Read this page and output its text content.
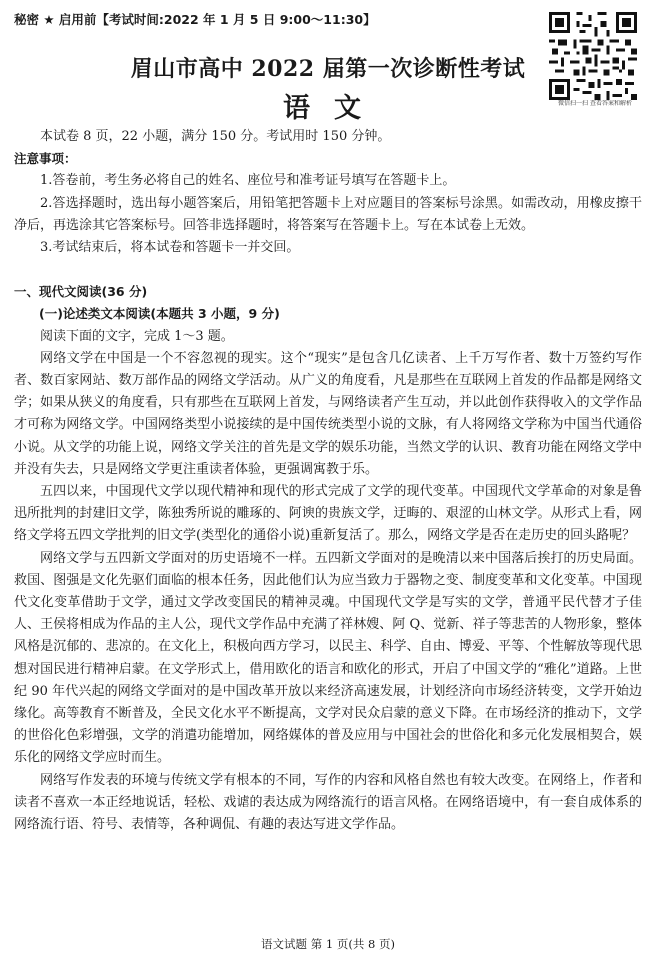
秘密 ★ 启用前【考试时间:2022 年 1 月 5 日 9:00～11:30】
微信扫一扫 查看答案和解析
眉山市高中 2022 届第一次诊断性考试
语文

本试卷 8 页，22 小题，满分 150 分。考试用时 150 分钟。

注意事项：

1.答卷前，考生务必将自己的姓名、座位号和准考证号填写在答题卡上。

2.答选择题时，选出每小题答案后，用铅笔把答题卡上对应题目的答案标号涂黑。如需改动，用橡皮擦干净后，再选涂其它答案标号。回答非选择题时，将答案写在答题卡上。写在本试卷上无效。

3.考试结束后，将本试卷和答题卡一并交回。

一、现代文阅读(36 分)

(一)论述类文本阅读(本题共 3 小题，9 分)

阅读下面的文字，完成 1～3 题。

网络文学在中国是一个不容忽视的现实。这个“现实”是包含几亿读者、上千万写作者、数十万签约写作者、数百家网站、数万部作品的网络文学活动。从广义的角度看，凡是那些在互联网上首发的作品都是网络文学；如果从狭义的角度看，只有那些在互联网上首发，与网络读者产生互动，并以此创作获得收入的文学作品才可称为网络文学。中国网络类型小说接续的是中国传统类型小说的文脉，有人将网络文学称为中国当代通俗小说。从文学的功能上说，网络文学关注的首先是文学的娱乐功能，当然文学的认识、教育功能在网络文学中并没有失去，只是网络文学更注重读者体验，更强调寓教于乐。

五四以来，中国现代文学以现代精神和现代的形式完成了文学的现代变革。中国现代文学革命的对象是鲁迅所批判的封建旧文学，陈独秀所说的雕琢的、阿谀的贵族文学，迂晦的、艰涩的山林文学。从形式上看，网络文学将五四文学批判的旧文学(类型化的通俗小说)重新复活了。那么，网络文学是否在走历史的回头路呢？

网络文学与五四新文学面对的历史语境不一样。五四新文学面对的是晚清以来中国落后挨打的历史局面。救国、图强是文化先驱们面临的根本任务，因此他们认为应当致力于器物之变、制度变革和文化变革。中国现代文化变革借助于文学，通过文学改变国民的精神灵魂。中国现代文学是写实的文学，普通平民代替才子佳人、王侯将相成为作品的主人公，现代文学作品中充满了祥林嫂、阿 Q、觉新、祥子等悲苦的人物形象，整体风格是沉郁的、悲凉的。在文化上，积极向西方学习，以民主、科学、自由、博爱、平等、个性解放等现代思想对国民进行精神启蒙。在文学形式上，借用欧化的语言和欧化的形式，开启了中国文学的“雅化”道路。上世纪 90 年代兴起的网络文学面对的是中国改革开放以来经济高速发展，计划经济向市场经济转变，文学开始边缘化。高等教育不断普及，全民文化水平不断提高，文学对民众启蒙的意义下降。在市场经济的推动下，文学的世俗化色彩增强，文学的消遣功能增加，网络媒体的普及应用与中国社会的世俗化和多元化发展相契合，娱乐化的网络文学应时而生。

网络写作发表的环境与传统文学有根本的不同，写作的内容和风格自然也有较大改变。在网络上，作者和读者不喜欢一本正经地说话，轻松、戏谑的表达成为网络流行的语言风格。在网络语境中，有一套自成体系的网络流行语、符号、表情等，各种调侃、有趣的表达写进文学作品。

语文试题 第 1 页(共 8 页)
